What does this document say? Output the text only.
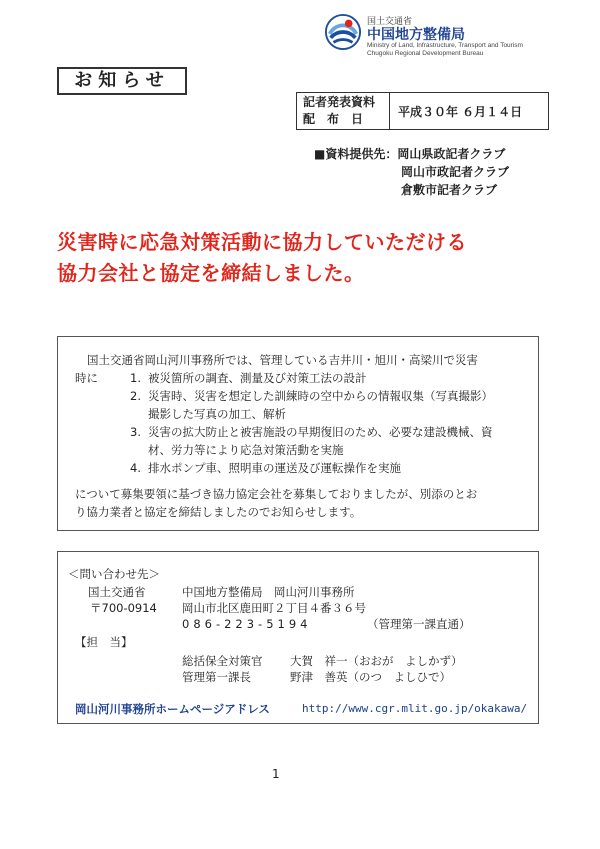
国土交通省
中国地方整備局
Ministry of Land, Infrastructure, Transport and Tourism
Chugoku Regional Development Bureau
お知らせ
記者発表資料
配　布　日
平成３０年 ６月１４日
■資料提供先：岡山県政記者クラブ
岡山市政記者クラブ
倉敷市記者クラブ
災害時に応急対策活動に協力していただける
協力会社と協定を締結しました。
国土交通省岡山河川事務所では、管理している吉井川・旭川・高梁川で災害
時に	1. 被災箇所の調査、測量及び対策工法の設計
2. 災害時、災害を想定した訓練時の空中からの情報収集（写真撮影）
撮影した写真の加工、解析
3. 災害の拡大防止と被害施設の早期復旧のため、必要な建設機械、資
材、労力等により応急対策活動を実施
4. 排水ポンプ車、照明車の運送及び運転操作を実施
について募集要領に基づき協力協定会社を募集しておりましたが、別添のとお
り協力業者と協定を締結しましたのでお知らせします。
＜問い合わせ先＞
国土交通省	中国地方整備局　岡山河川事務所
〒700-0914 岡山市北区鹿田町２丁目４番３６号
086-223-5194	（管理第一課直通）
【担　当】
総括保全対策官 大賀　祥一（おおが　よしかず）
管理第一課長	野津　善英（のつ　よしひで）
岡山河川事務所ホームページアドレス	http://www.cgr.mlit.go.jp/okakawa/
1
